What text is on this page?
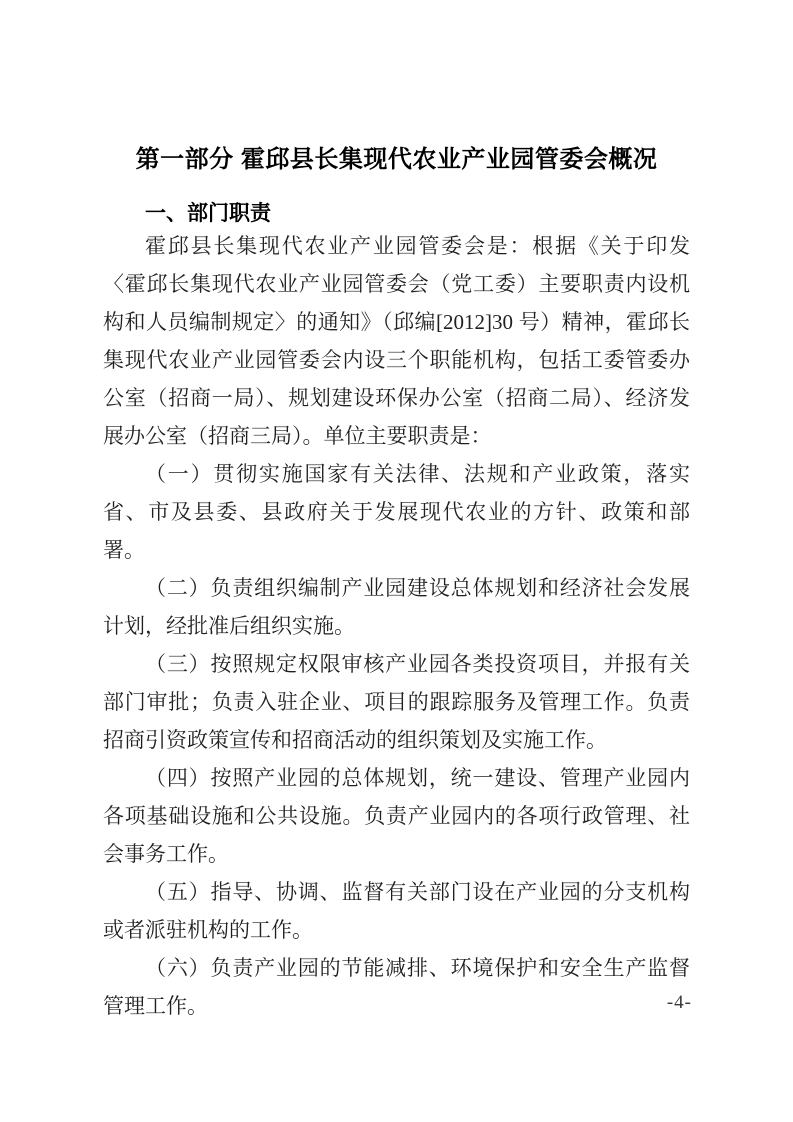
第一部分 霍邱县长集现代农业产业园管委会概况
一、部门职责

霍邱县长集现代农业产业园管委会是：根据《关于印发〈霍邱长集现代农业产业园管委会（党工委）主要职责内设机构和人员编制规定〉的通知》（邱编[2012]30 号）精神，霍邱长集现代农业产业园管委会内设三个职能机构，包括工委管委办公室（招商一局）、规划建设环保办公室（招商二局）、经济发展办公室（招商三局）。单位主要职责是：

（一）贯彻实施国家有关法律、法规和产业政策，落实省、市及县委、县政府关于发展现代农业的方针、政策和部署。

（二）负责组织编制产业园建设总体规划和经济社会发展计划，经批准后组织实施。

（三）按照规定权限审核产业园各类投资项目，并报有关部门审批；负责入驻企业、项目的跟踪服务及管理工作。负责招商引资政策宣传和招商活动的组织策划及实施工作。

（四）按照产业园的总体规划，统一建设、管理产业园内各项基础设施和公共设施。负责产业园内的各项行政管理、社会事务工作。

（五）指导、协调、监督有关部门设在产业园的分支机构或者派驻机构的工作。

（六）负责产业园的节能减排、环境保护和安全生产监督管理工作。	-4-
